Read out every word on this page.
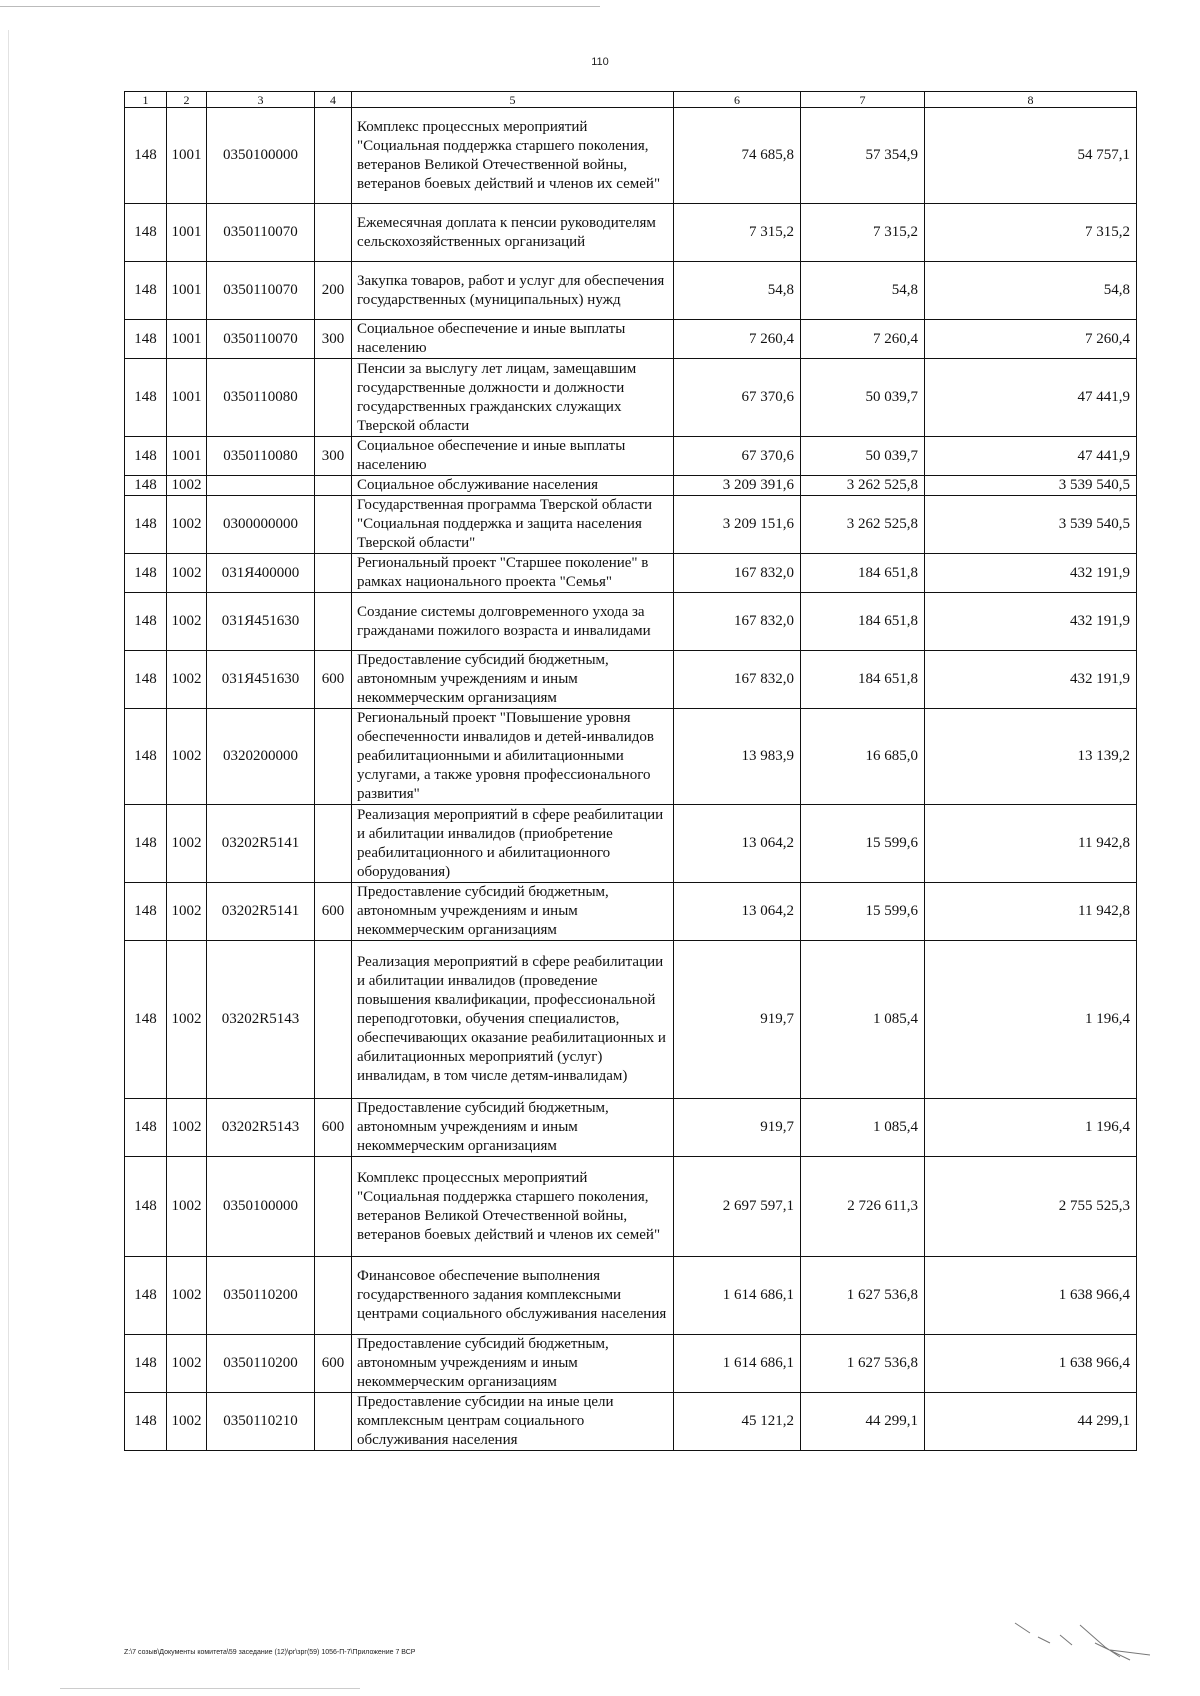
110
1	2	3	4	5	6	7	8
148	1001	0350100000		Комплекс процессных мероприятий "Социальная поддержка старшего поколения, ветеранов Великой Отечественной войны, ветеранов боевых действий и членов их семей"	74 685,8	57 354,9	54 757,1
148	1001	0350110070		Ежемесячная доплата к пенсии руководителям сельскохозяйственных организаций	7 315,2	7 315,2	7 315,2
148	1001	0350110070	200	Закупка товаров, работ и услуг для обеспечения государственных (муниципальных) нужд	54,8	54,8	54,8
148	1001	0350110070	300	Социальное обеспечение и иные выплаты населению	7 260,4	7 260,4	7 260,4
148	1001	0350110080		Пенсии за выслугу лет лицам, замещавшим государственные должности и должности государственных гражданских служащих Тверской области	67 370,6	50 039,7	47 441,9
148	1001	0350110080	300	Социальное обеспечение и иные выплаты населению	67 370,6	50 039,7	47 441,9
148	1002			Социальное обслуживание населения	3 209 391,6	3 262 525,8	3 539 540,5
148	1002	0300000000		Государственная программа Тверской области "Социальная поддержка и защита населения Тверской области"	3 209 151,6	3 262 525,8	3 539 540,5
148	1002	031Я400000		Региональный проект "Старшее поколение" в рамках национального проекта "Семья"	167 832,0	184 651,8	432 191,9
148	1002	031Я451630		Создание системы долговременного ухода за гражданами пожилого возраста и инвалидами	167 832,0	184 651,8	432 191,9
148	1002	031Я451630	600	Предоставление субсидий бюджетным, автономным учреждениям и иным некоммерческим организациям	167 832,0	184 651,8	432 191,9
148	1002	0320200000		Региональный проект "Повышение уровня обеспеченности инвалидов и детей-инвалидов реабилитационными и абилитационными услугами, а также уровня профессионального развития"	13 983,9	16 685,0	13 139,2
148	1002	03202R5141		Реализация мероприятий в сфере реабилитации и абилитации инвалидов (приобретение реабилитационного и абилитационного оборудования)	13 064,2	15 599,6	11 942,8
148	1002	03202R5141	600	Предоставление субсидий бюджетным, автономным учреждениям и иным некоммерческим организациям	13 064,2	15 599,6	11 942,8
148	1002	03202R5143		Реализация мероприятий в сфере реабилитации и абилитации инвалидов (проведение повышения квалификации, профессиональной переподготовки, обучения специалистов, обеспечивающих оказание реабилитационных и абилитационных мероприятий (услуг) инвалидам, в том числе детям-инвалидам)	919,7	1 085,4	1 196,4
148	1002	03202R5143	600	Предоставление субсидий бюджетным, автономным учреждениям и иным некоммерческим организациям	919,7	1 085,4	1 196,4
148	1002	0350100000		Комплекс процессных мероприятий "Социальная поддержка старшего поколения, ветеранов Великой Отечественной войны, ветеранов боевых действий и членов их семей"	2 697 597,1	2 726 611,3	2 755 525,3
148	1002	0350110200		Финансовое обеспечение выполнения государственного задания комплексными центрами социального обслуживания населения	1 614 686,1	1 627 536,8	1 638 966,4
148	1002	0350110200	600	Предоставление субсидий бюджетным, автономным учреждениям и иным некоммерческим организациям	1 614 686,1	1 627 536,8	1 638 966,4
148	1002	0350110210		Предоставление субсидии на иные цели комплексным центрам социального обслуживания населения	45 121,2	44 299,1	44 299,1
Z:\7 созыв\Документы комитета\59 заседание (12)\рг\зрг(59) 1056-П-7\Приложение 7 ВСР
